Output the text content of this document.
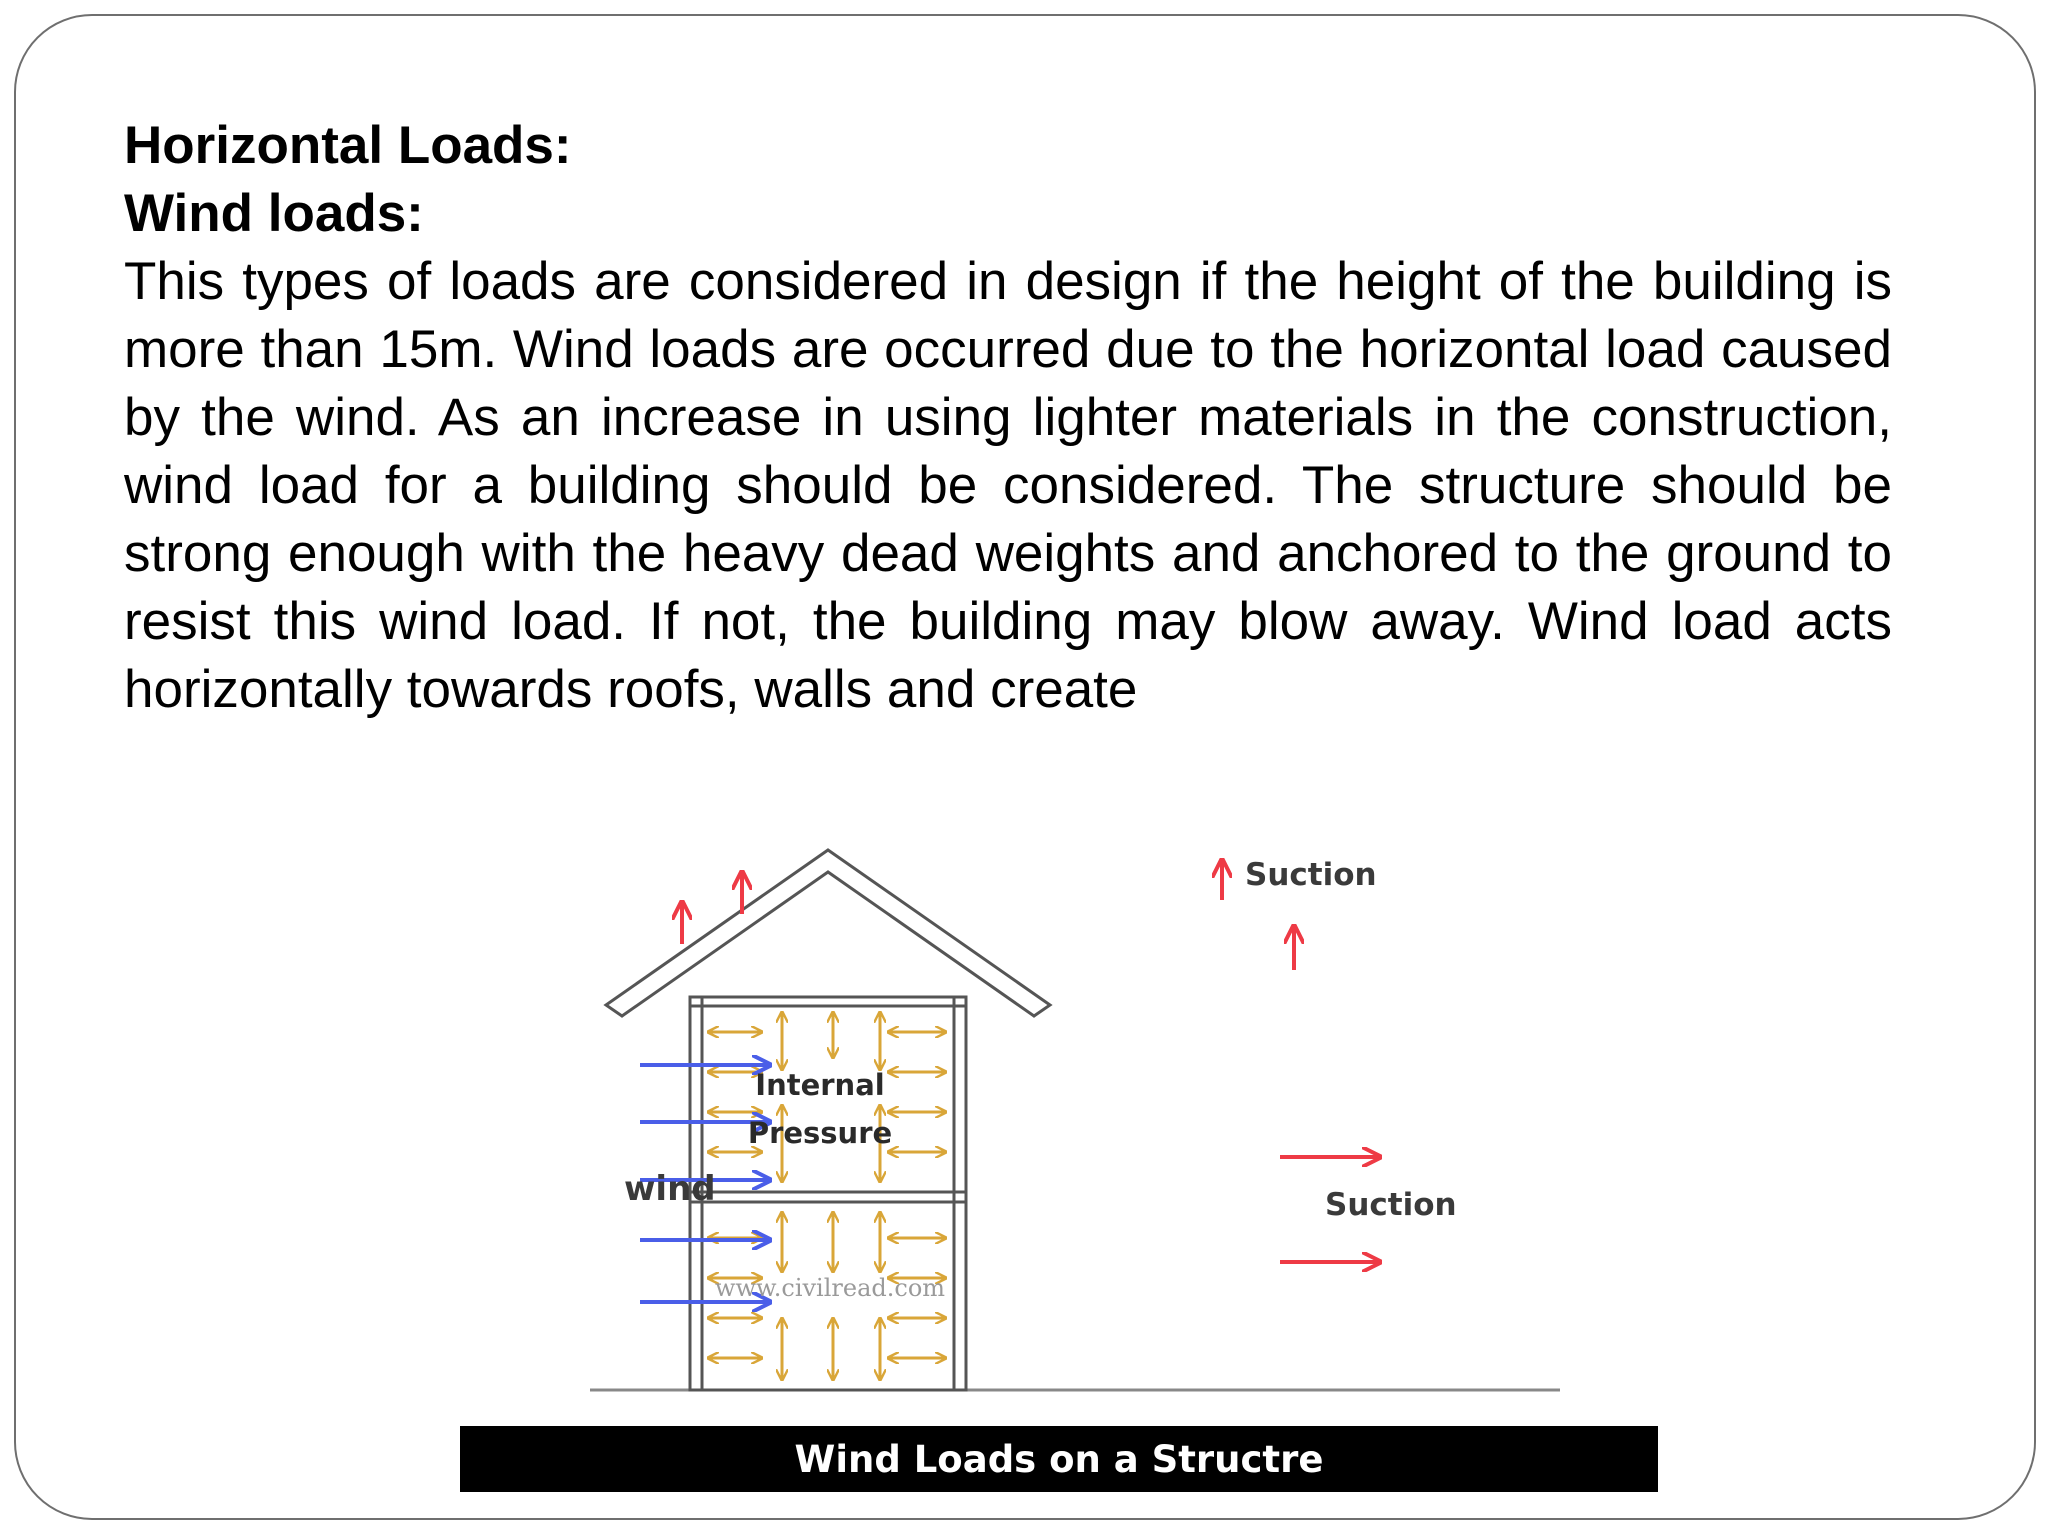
Horizontal Loads:

Wind loads:

This types of loads are considered in design if the height of the building is more than 15m. Wind loads are occurred due to the horizontal load caused by the wind. As an increase in using lighter materials in the construction, wind load for a building should be considered. The structure should be strong enough with the heavy dead weights and anchored to the ground to resist this wind load. If not, the building may blow away. Wind load acts horizontally towards roofs, walls and create

wind
Suction
Suction
Internal
Pressure
www.civilread.com
Wind Loads on a Structre
